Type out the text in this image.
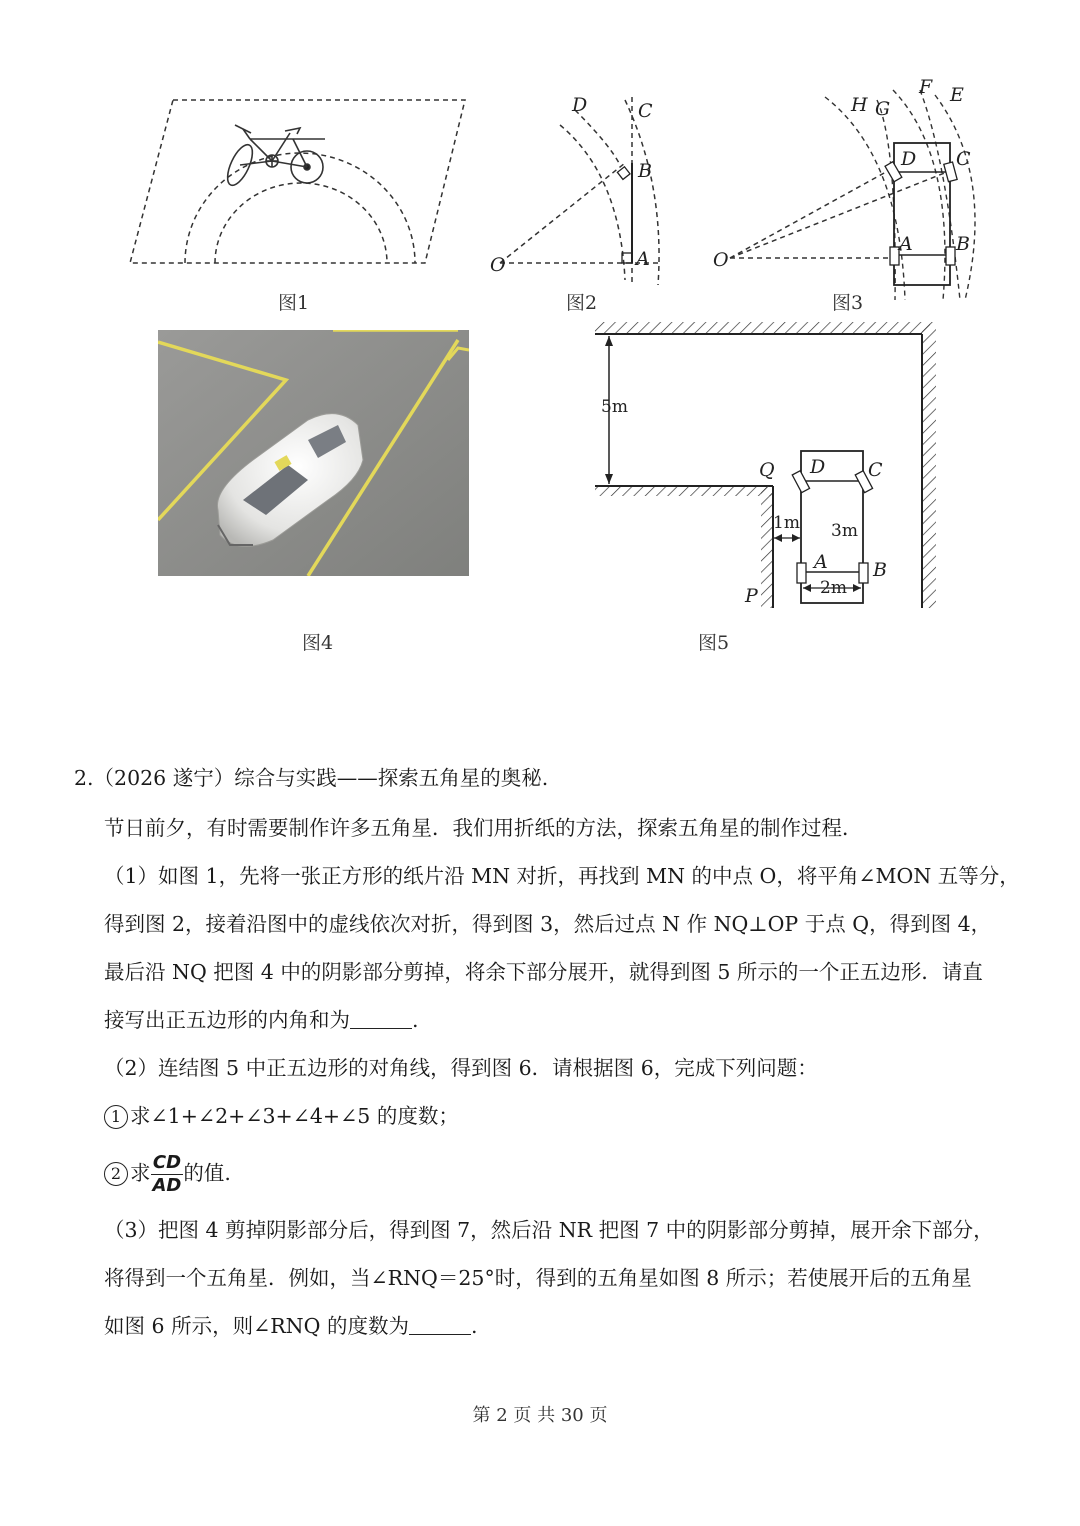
图1
D	C
B
O	A
图2
H G
F E
D C
A B
O
图3
图4
5m
Q D C
1m 3m
A B
P	2m
图5
2.（2026 遂宁）综合与实践——探索五角星的奥秘.
节日前夕，有时需要制作许多五角星．我们用折纸的方法，探索五角星的制作过程．
（1）如图 1，先将一张正方形的纸片沿 MN 对折，再找到 MN 的中点 O，将平角∠MON 五等分，
得到图 2，接着沿图中的虚线依次对折，得到图 3，然后过点 N 作 NQ⊥OP 于点 Q，得到图 4，
最后沿 NQ 把图 4 中的阴影部分剪掉，将余下部分展开，就得到图 5 所示的一个正五边形．请直
接写出正五边形的内角和为	.
（2）连结图 5 中正五边形的对角线，得到图 6．请根据图 6，完成下列问题：
1 求∠1+∠2+∠3+∠4+∠5 的度数；
2 求 $\frac{CD}{AD}$ 的值.
（3）把图 4 剪掉阴影部分后，得到图 7，然后沿 NR 把图 7 中的阴影部分剪掉，展开余下部分，
将得到一个五角星．例如，当∠RNQ＝25°时，得到的五角星如图 8 所示；若使展开后的五角星
如图 6 所示，则∠RNQ 的度数为	.
第 2 页 共 30 页
